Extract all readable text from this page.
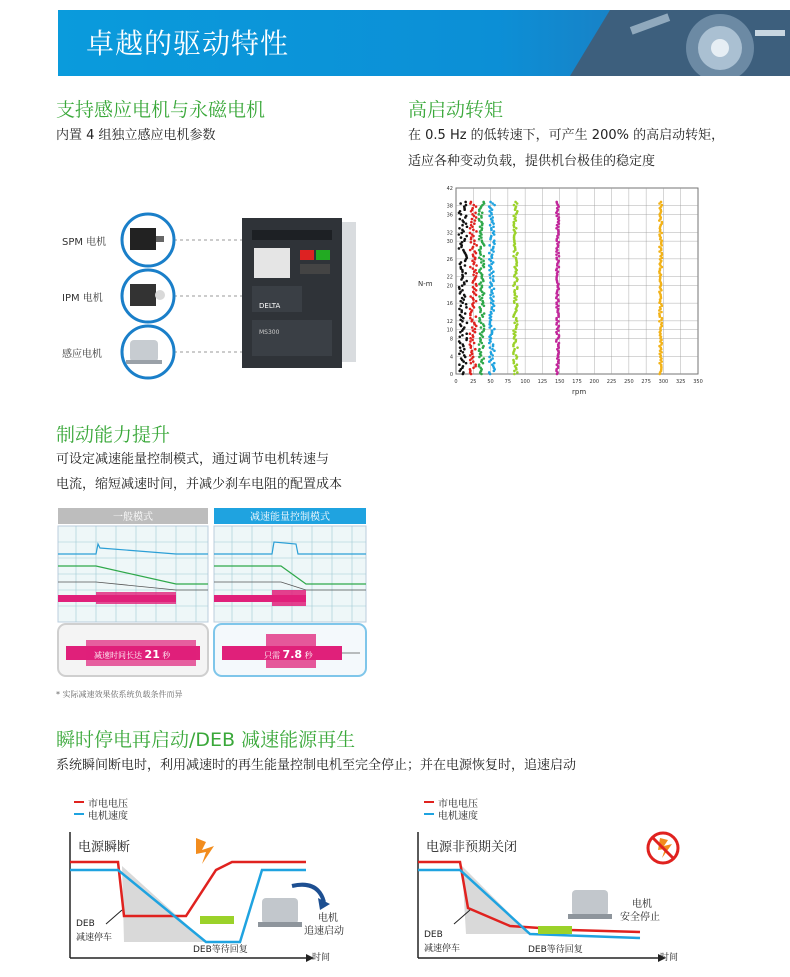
卓越的驱动特性
支持感应电机与永磁电机
内置 4 组独立感应电机参数
DELTA
MS300
SPM 电机
IPM 电机
感应电机
高启动转矩
在 0.5 Hz 的低转速下，可产生 200% 的高启动转矩，
适应各种变动负载，提供机台极佳的稳定度
0	25 50 75 100 125 150 175 200 225 250 275 300 325 350
0
4
8
10
12
16
20
22
26
30
32
36
38
42
N-m
rpm
制动能力提升
可设定减速能量控制模式，通过调节电机转速与
电流，缩短减速时间，并减少刹车电阻的配置成本
一般模式	减速能量控制模式
减速时间长达 21 秒	只需 7.8 秒
* 实际减速效果依系统负载条件而异
瞬时停电再启动/DEB 减速能源再生
系统瞬间断电时，利用减速时的再生能量控制电机至完全停止；并在电源恢复时，追速启动
市电电压
电机速度
电源瞬断
DEB
减速停车
DEB等待回复
时间
电机
追速启动
市电电压
电机速度
电源非预期关闭
DEB
减速停车	DEB等待回复
时间
电机
安全停止
